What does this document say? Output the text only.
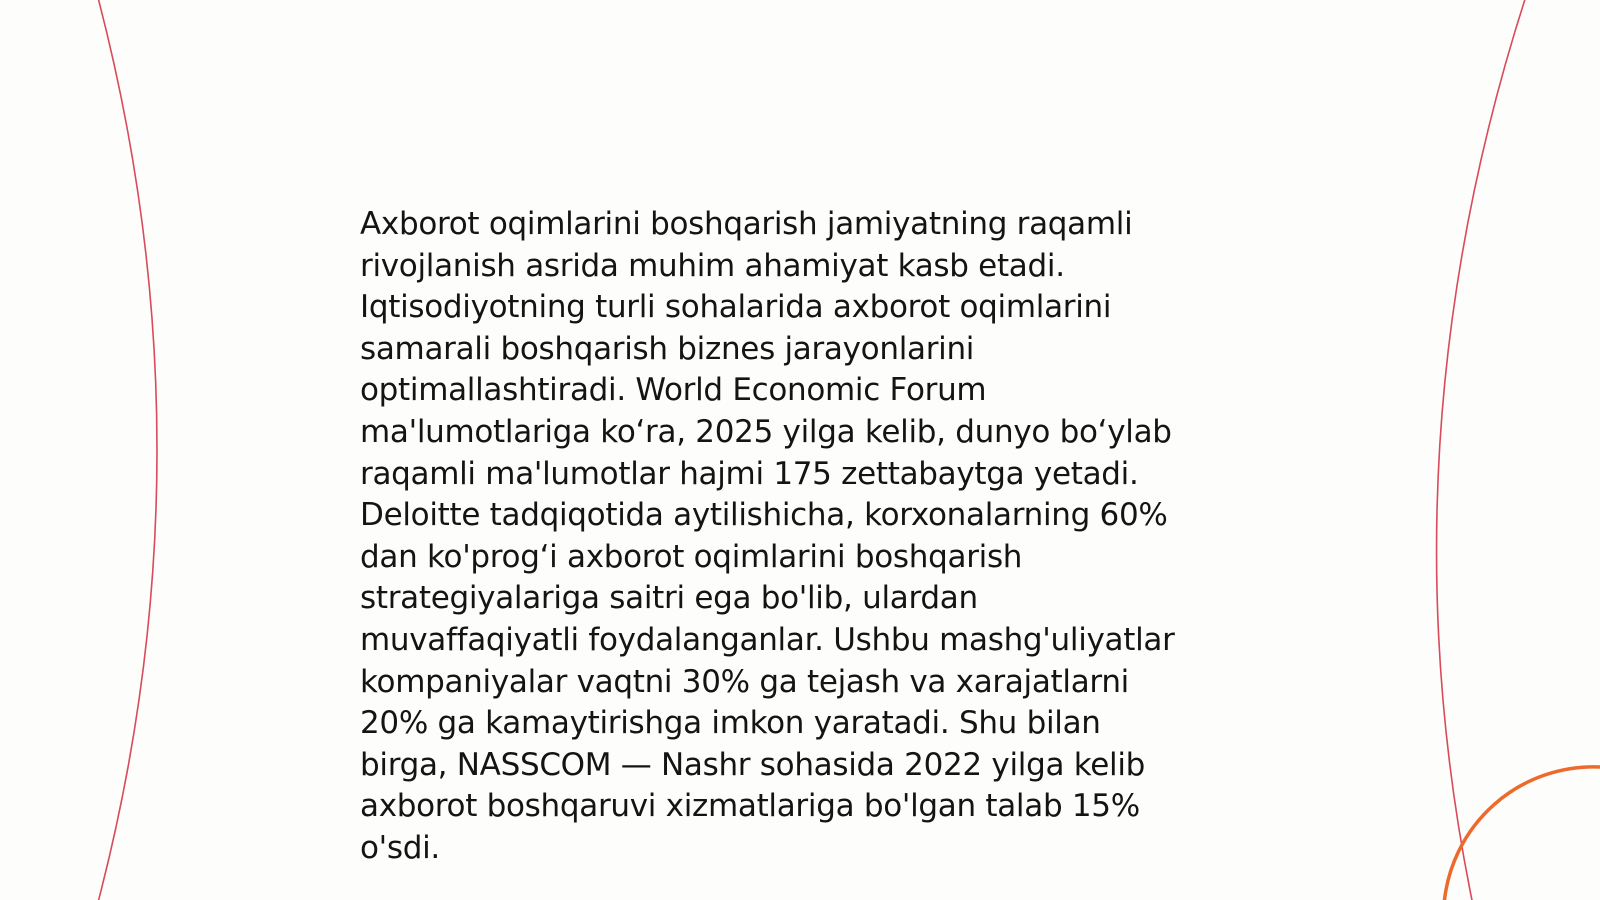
Axborot oqimlarini boshqarish jamiyatning raqamli
rivojlanish asrida muhim ahamiyat kasb etadi.
Iqtisodiyotning turli sohalarida axborot oqimlarini
samarali boshqarish biznes jarayonlarini
optimallashtiradi. World Economic Forum
ma'lumotlariga ko‘ra, 2025 yilga kelib, dunyo bo‘ylab
raqamli ma'lumotlar hajmi 175 zettabaytga yetadi.
Deloitte tadqiqotida aytilishicha, korxonalarning 60%
dan ko'prog‘i axborot oqimlarini boshqarish
strategiyalariga saitri ega bo'lib, ulardan
muvaffaqiyatli foydalanganlar. Ushbu mashg'uliyatlar
kompaniyalar vaqtni 30% ga tejash va xarajatlarni
20% ga kamaytirishga imkon yaratadi. Shu bilan
birga, NASSCOM — Nashr sohasida 2022 yilga kelib
axborot boshqaruvi xizmatlariga bo'lgan talab 15%
o'sdi.
